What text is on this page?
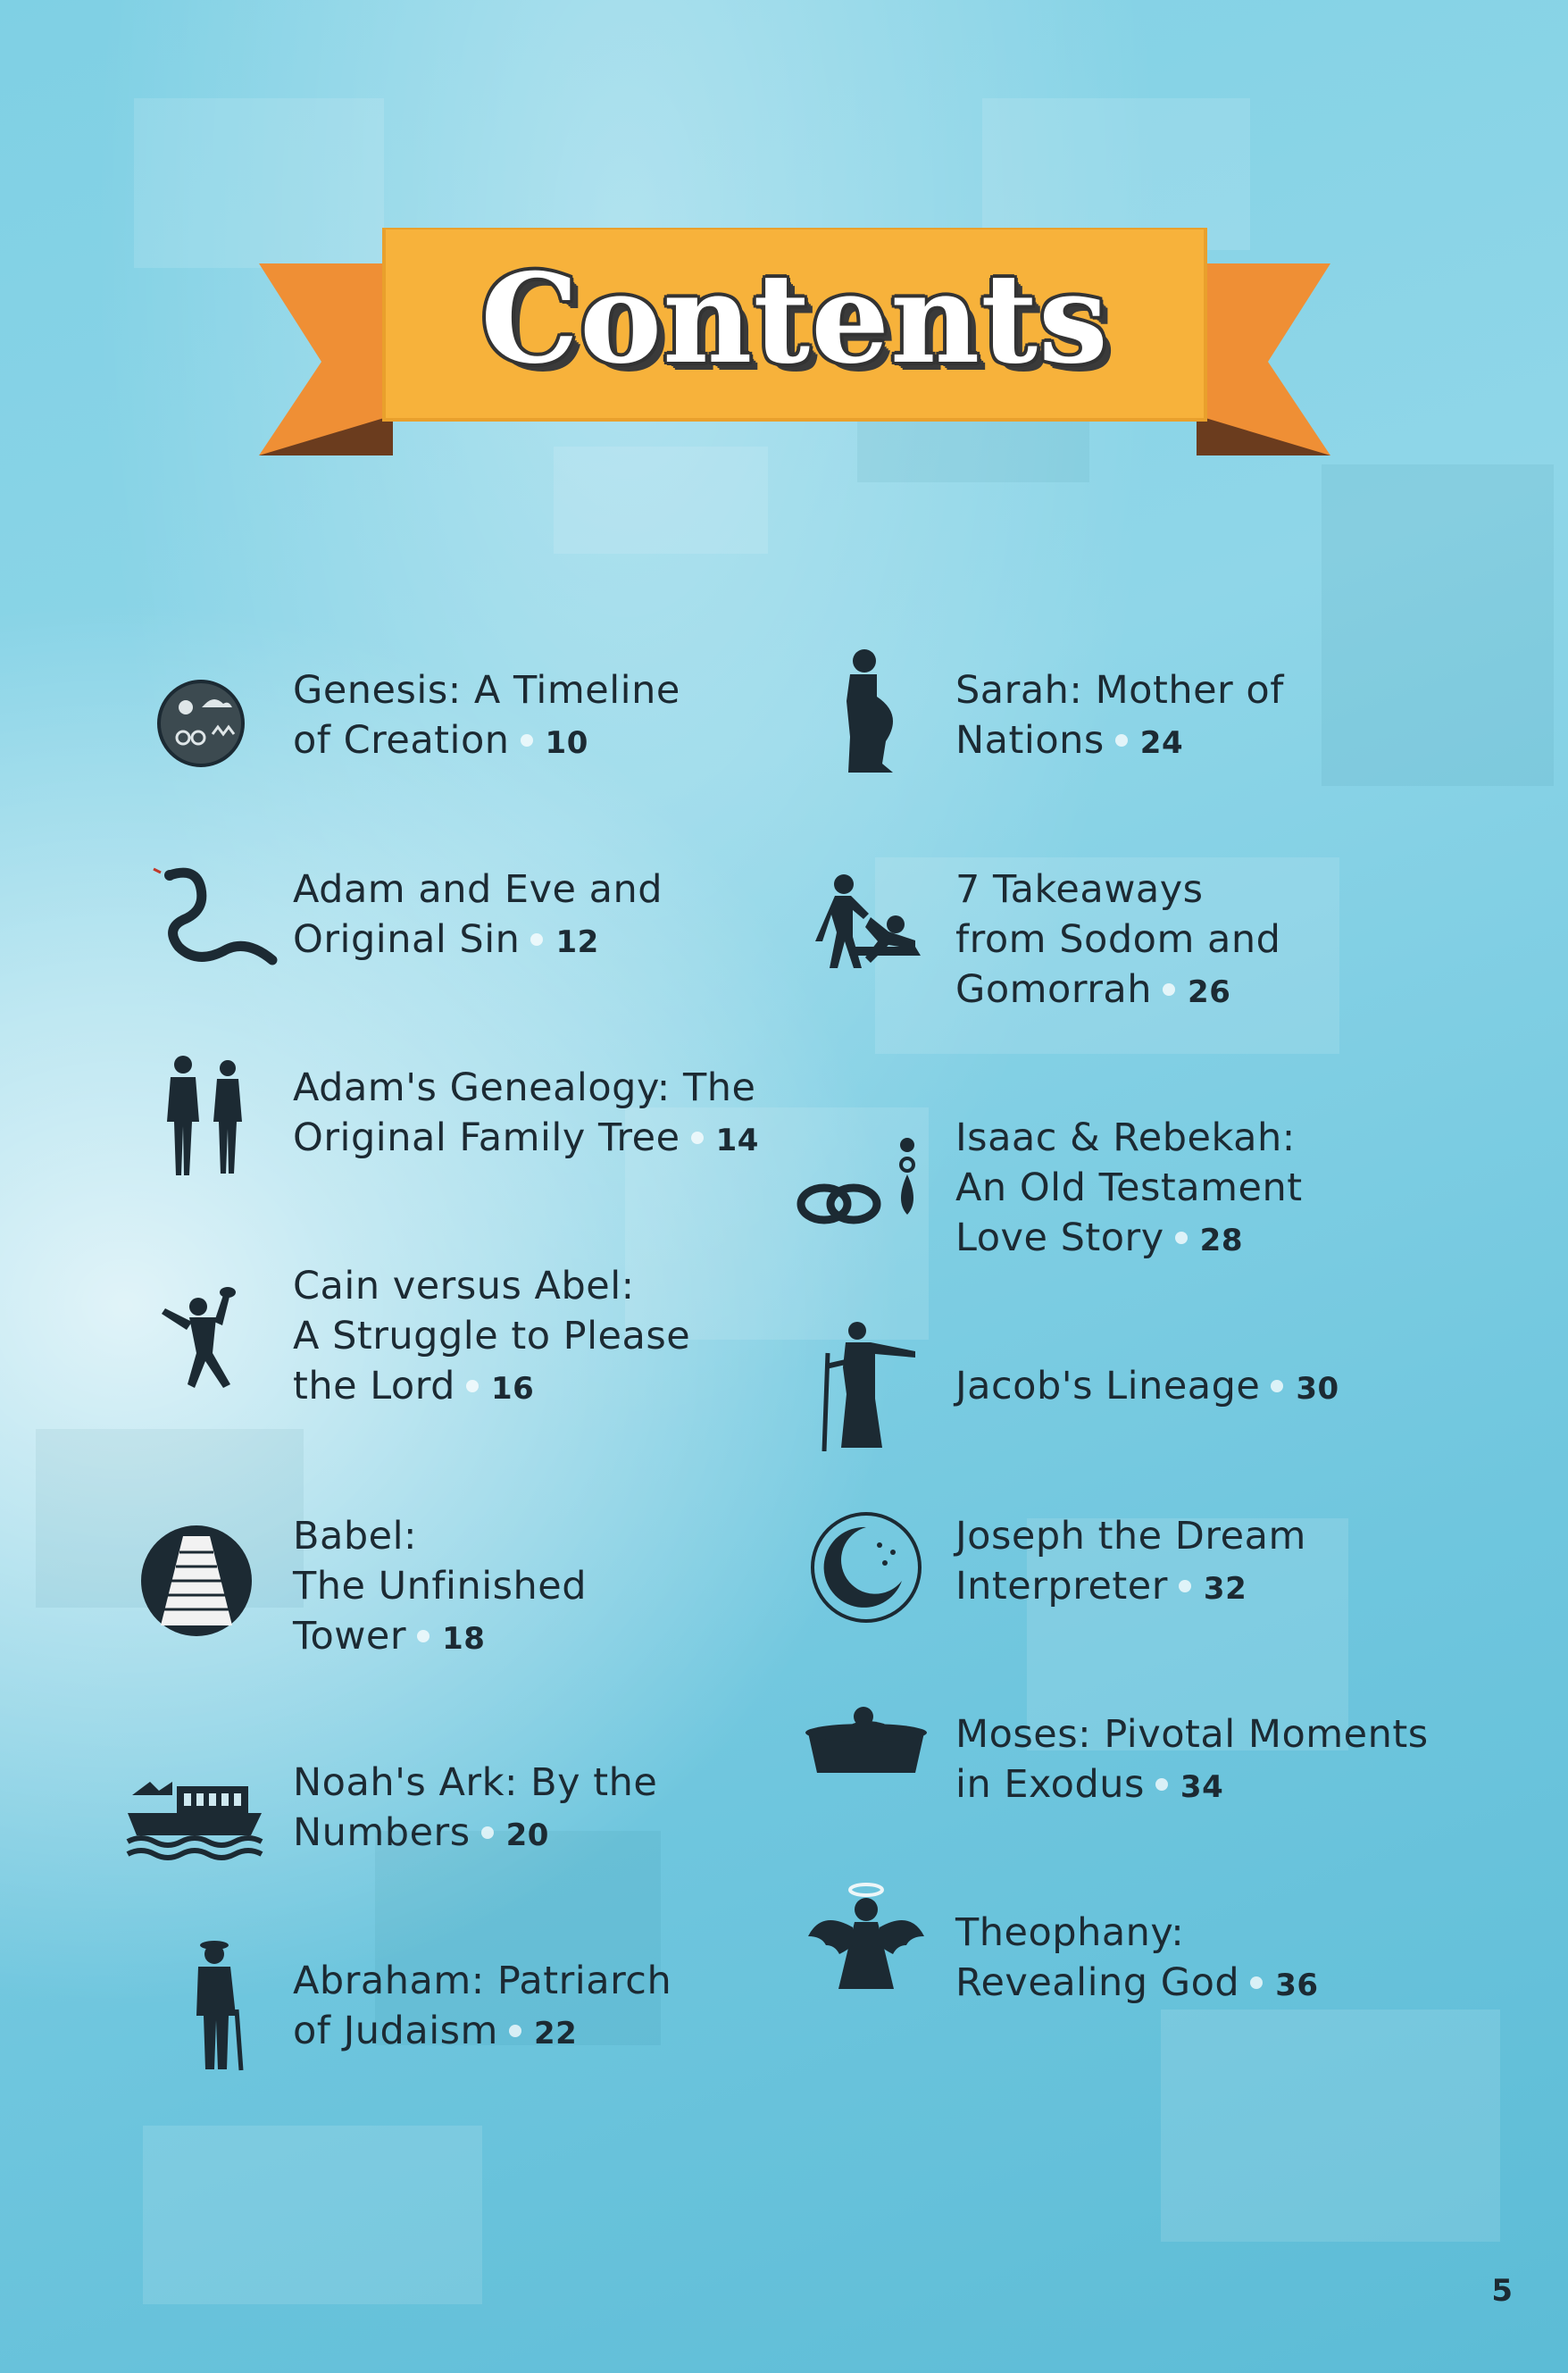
Contents
Genesis: A Timeline
of Creation 10
Adam and Eve and
Original Sin 12
Adam's Genealogy: The
Original Family Tree 14
Cain versus Abel:
A Struggle to Please
the Lord 16
Babel:
The Unfinished
Tower 18
Noah's Ark: By the
Numbers 20
Abraham: Patriarch
of Judaism 22
Sarah: Mother of
Nations 24
7 Takeaways
from Sodom and
Gomorrah 26
Isaac & Rebekah:
An Old Testament
Love Story 28
Jacob's Lineage 30
Joseph the Dream
Interpreter 32
Moses: Pivotal Moments
in Exodus 34
Theophany:
Revealing God 36
5
